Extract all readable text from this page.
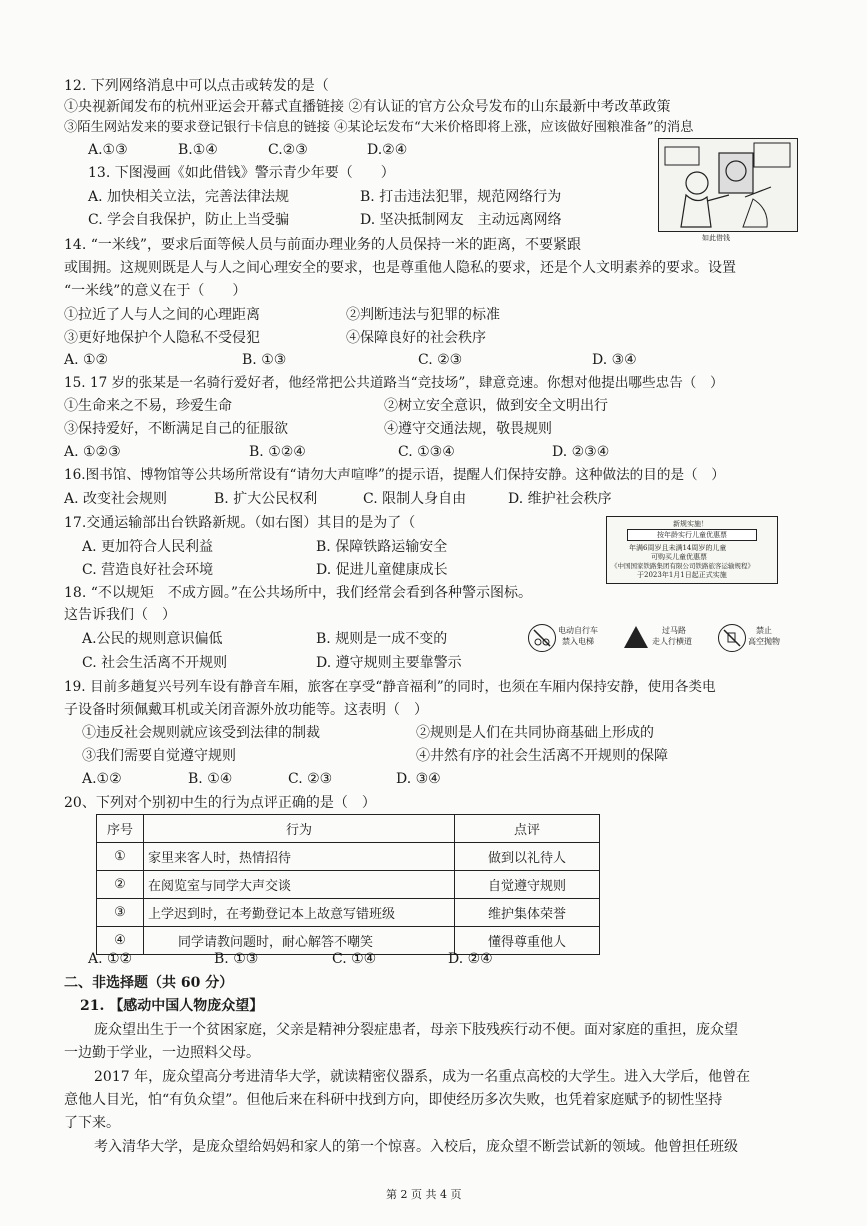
12. 下列网络消息中可以点击或转发的是（
①央视新闻发布的杭州亚运会开幕式直播链接 ②有认证的官方公众号发布的山东最新中考改革政策
③陌生网站发来的要求登记银行卡信息的链接 ④某论坛发布“大米价格即将上涨，应该做好囤粮准备”的消息
A.①③	B.①④	C.②③	D.②④
13. 下图漫画《如此借钱》警示青少年要（　　）
A. 加快相关立法，完善法律法规	B. 打击违法犯罪，规范网络行为
C. 学会自我保护，防止上当受骗	D. 坚决抵制网友　主动远离网络
如此借钱
14. “一米线”，要求后面等候人员与前面办理业务的人员保持一米的距离，不要紧跟
或围拥。这规则既是人与人之间心理安全的要求，也是尊重他人隐私的要求，还是个人文明素养的要求。设置
“一米线”的意义在于（　　）
①拉近了人与人之间的心理距离	②判断违法与犯罪的标准
③更好地保护个人隐私不受侵犯	④保障良好的社会秩序
A. ①②	B. ①③	C. ②③	D. ③④
15. 17 岁的张某是一名骑行爱好者，他经常把公共道路当“竞技场”，肆意竞速。你想对他提出哪些忠告（　）
①生命来之不易，珍爱生命	②树立安全意识，做到安全文明出行
③保持爱好，不断满足自己的征服欲	④遵守交通法规，敬畏规则
A. ①②③	B. ①②④	C. ①③④	D. ②③④
16.图书馆、博物馆等公共场所常设有“请勿大声喧哗”的提示语，提醒人们保持安静。这种做法的目的是（　）
A. 改变社会规则	B. 扩大公民权利	C. 限制人身自由	D. 维护社会秩序
17.交通运输部出台铁路新规。（如右图）其目的是为了（
A. 更加符合人民利益	B. 保障铁路运输安全
C. 营造良好社会环境	D. 促进儿童健康成长
新规实施！
按年龄实行儿童优惠票
年满6周岁且未满14周岁的儿童
可购买儿童优惠票
《中国国家铁路集团有限公司铁路旅客运输规程》
于2023年1月1日起正式实施
18. “不以规矩　不成方圆。”在公共场所中，我们经常会看到各种警示图标。
这告诉我们（　）
A.公民的规则意识偏低	B. 规则是一成不变的
C. 社会生活离不开规则	D. 遵守规则主要靠警示
电动自行车
禁入电梯
过马路
走人行横道
禁止
高空抛物
19. 目前多趟复兴号列车设有静音车厢，旅客在享受“静音福利”的同时，也须在车厢内保持安静，使用各类电
子设备时须佩戴耳机或关闭音源外放功能等。这表明（　）
①违反社会规则就应该受到法律的制裁	②规则是人们在共同协商基础上形成的
③我们需要自觉遵守规则	④井然有序的社会生活离不开规则的保障
A.①②	B. ①④	C. ②③	D. ③④
20、下列对个别初中生的行为点评正确的是（　）
序号	行为	点评
①	家里来客人时，热情招待	做到以礼待人
②	在阅览室与同学大声交谈	自觉遵守规则
③	上学迟到时，在考勤登记本上故意写错班级	维护集体荣誉
④	同学请教问题时，耐心解答不嘲笑	懂得尊重他人
A. ①②	B. ①③	C. ①④	D. ②④
二、非选择题（共 60 分）
21. 【感动中国人物庞众望】
庞众望出生于一个贫困家庭，父亲是精神分裂症患者，母亲下肢残疾行动不便。面对家庭的重担，庞众望
一边勤于学业，一边照料父母。
2017 年，庞众望高分考进清华大学，就读精密仪器系，成为一名重点高校的大学生。进入大学后，他曾在
意他人目光，怕“有负众望”。但他后来在科研中找到方向，即使经历多次失败，也凭着家庭赋予的韧性坚持
了下来。
考入清华大学，是庞众望给妈妈和家人的第一个惊喜。入校后，庞众望不断尝试新的领域。他曾担任班级
第 2 页 共 4 页
